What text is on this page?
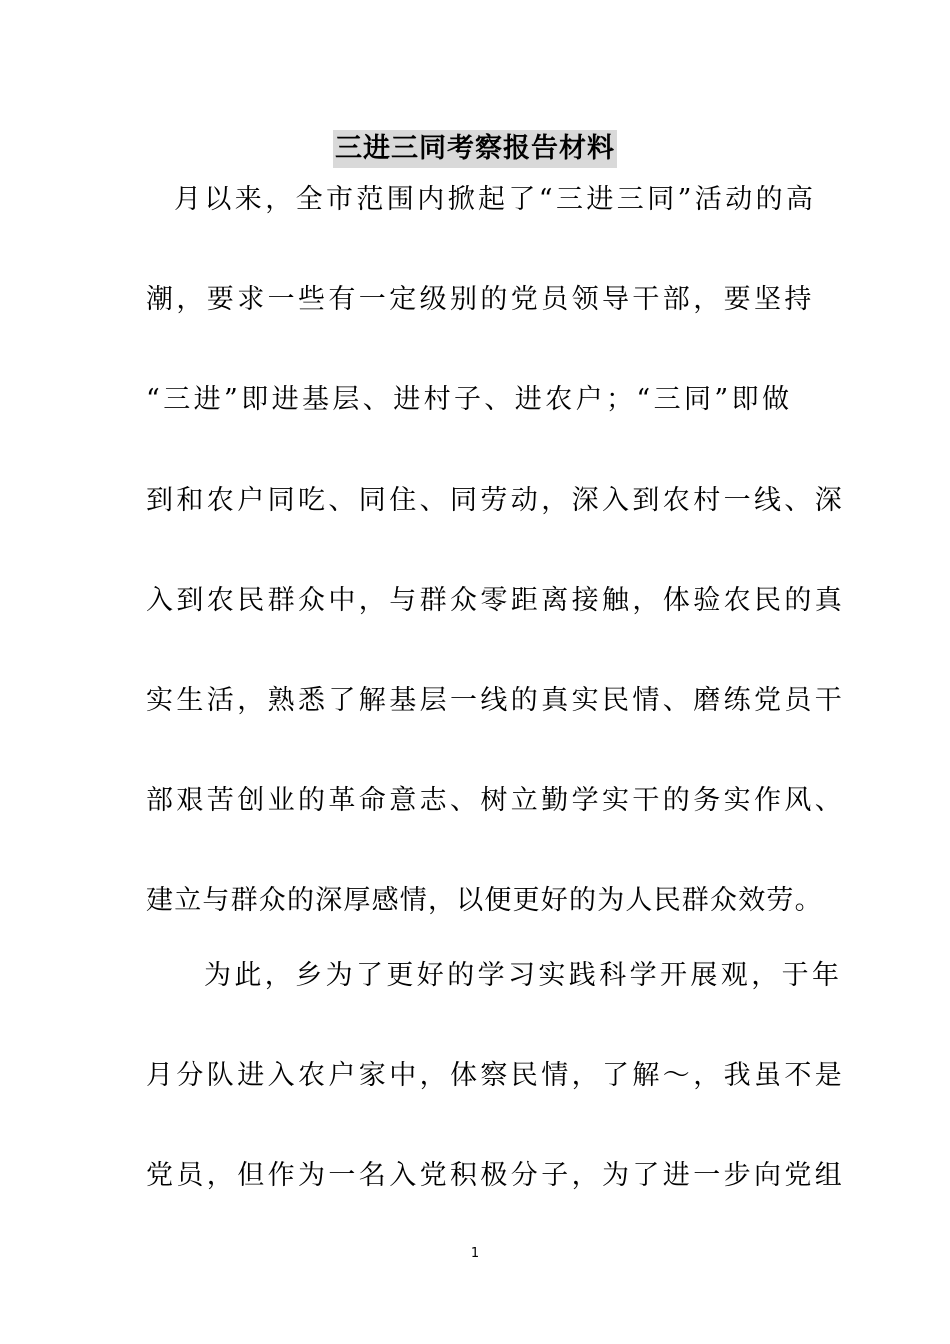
三进三同考察报告材料
月以来，全市范围内掀起了“三进三同”活动的高
潮，要求一些有一定级别的党员领导干部，要坚持
“三进”即进基层、进村子、进农户；“三同”即做
到和农户同吃、同住、同劳动，深入到农村一线、深
入到农民群众中，与群众零距离接触，体验农民的真
实生活，熟悉了解基层一线的真实民情、磨练党员干
部艰苦创业的革命意志、树立勤学实干的务实作风、
建立与群众的深厚感情，以便更好的为人民群众效劳。
为此，乡为了更好的学习实践科学开展观，于年
月分队进入农户家中，体察民情，了解～，我虽不是
党员，但作为一名入党积极分子，为了进一步向党组
1
